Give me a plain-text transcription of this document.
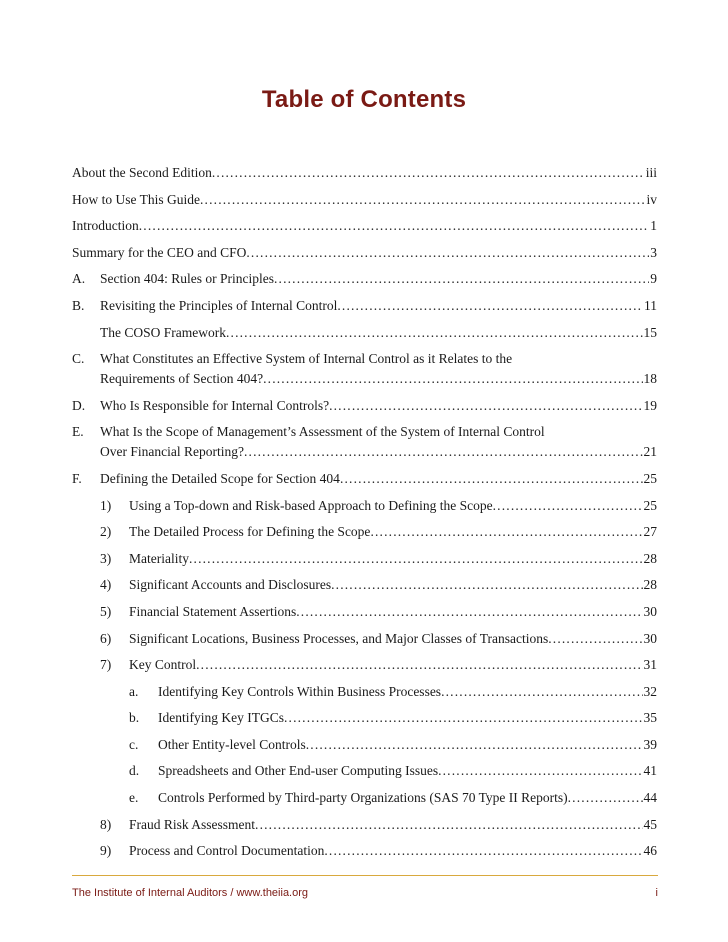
Table of Contents
About the Second Edition . . .	iii
How to Use This Guide . . .	iv
Introduction . . .	1
Summary for the CEO and CFO . . .	3
A.	Section 404: Rules or Principles . . .	9
B.	Revisiting the Principles of Internal Control . . .	11
The COSO Framework . . .	15
C.	What Constitutes an Effective System of Internal Control as it Relates to the
Requirements of Section 404? . . .	18
D.	Who Is Responsible for Internal Controls? . . .	19
E.	What Is the Scope of Management’s Assessment of the System of Internal Control
Over Financial Reporting? . . .	21
F.	Defining the Detailed Scope for Section 404 . . .	25
1)	Using a Top-down and Risk-based Approach to Defining the Scope . . .	25
2)	The Detailed Process for Defining the Scope . . .	27
3)	Materiality . . .	28
4)	Significant Accounts and Disclosures . . .	28
5)	Financial Statement Assertions . . .	30
6)	Significant Locations, Business Processes, and Major Classes of Transactions . . .	30
7)	Key Control . . .	31
a.	Identifying Key Controls Within Business Processes . . .	32
b.	Identifying Key ITGCs . . .	35
c.	Other Entity-level Controls . . .	39
d.	Spreadsheets and Other End-user Computing Issues . . .	41
e.	Controls Performed by Third-party Organizations (SAS 70 Type II Reports) . . .	44
8)	Fraud Risk Assessment . . .	45
9)	Process and Control Documentation . . .	46
The Institute of Internal Auditors / www.theiia.org	i
